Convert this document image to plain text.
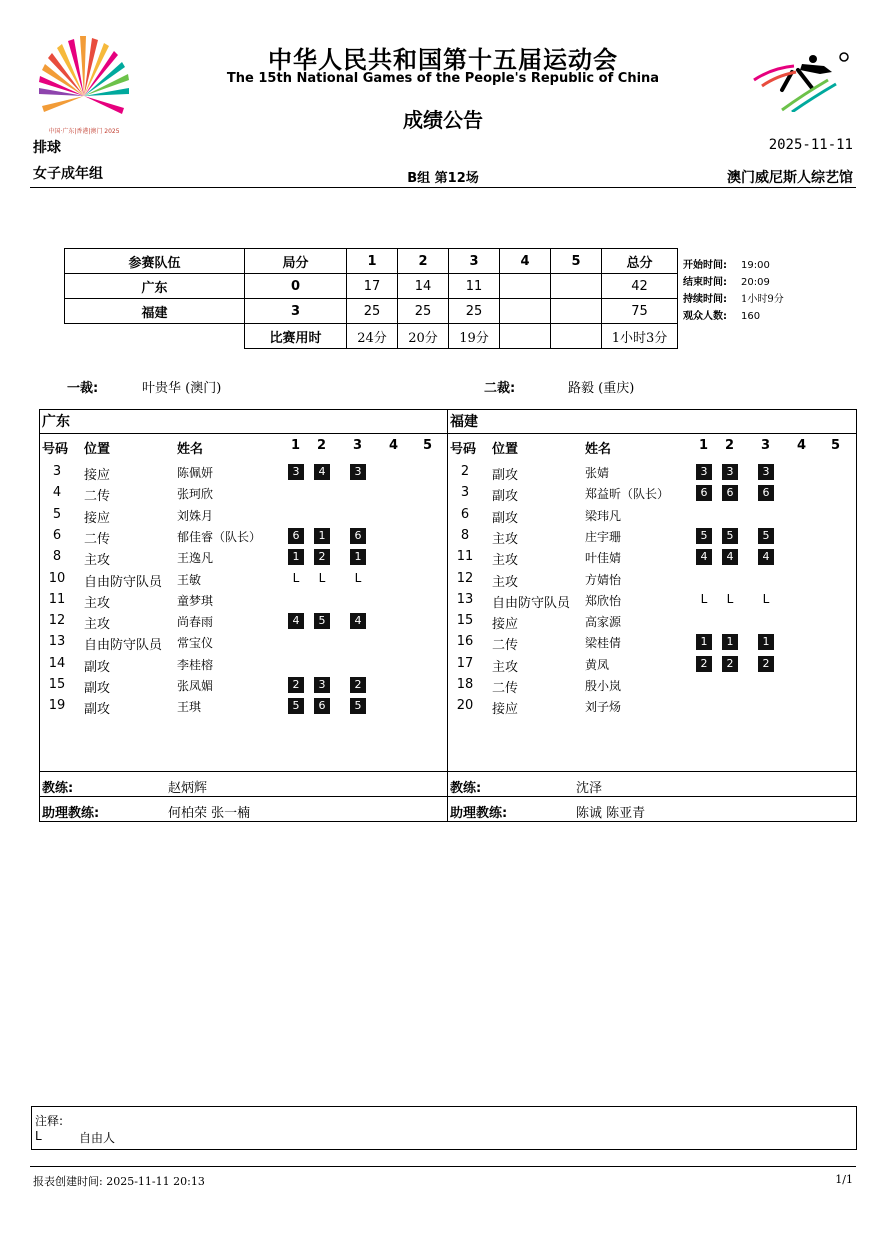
中国·广东|香港|澳门 2025
中华人民共和国第十五届运动会
The 15th National Games of the People's Republic of China
成绩公告
排球	2025-11-11
女子成年组	B组 第12场	澳门威尼斯人综艺馆
参赛队伍	局分	1	2	3	4	5	总分
广东	0	17	14	11			42
福建	3	25	25	25			75
	比赛用时	24分	20分	19分			1小时3分
开始时间: 19:00
结束时间: 20:09
持续时间: 1小时9分
观众人数: 160
一裁:	叶贵华 (澳门)	二裁:	路毅 (重庆)
广东
号码 位置	姓名	1 2 3 4 5
3	接应	陈佩妍	3	4	3
4	二传	张珂欣
5	接应	刘姝月
6	二传	郁佳睿（队长）	6	1	6
8	主攻	王逸凡	1	2	1
10	自由防守队员 王敏	L	L	L
11	主攻	童梦琪
12	主攻	尚春雨	4	5	4
13	自由防守队员 常宝仪
14	副攻	李桂榕
15	副攻	张凤媚	2	3	2
19	副攻	王琪	5	6	5
教练:	赵炳辉
助理教练:	何柏荣 张一楠
福建
号码 位置	姓名	1 2 3 4 5
2	副攻	张婧	3	3	3
3	副攻	郑益昕（队长）	6	6	6
6	副攻	梁玮凡
8	主攻	庄宇珊	5	5	5
11	主攻	叶佳婧	4	4	4
12	主攻	方婧怡
13	自由防守队员 郑欣怡	L	L	L
15	接应	高家源
16	二传	梁桂倩	1	1	1
17	主攻	黄凤	2	2	2
18	二传	殷小岚
20	接应	刘子炀
教练:	沈泽
助理教练:	陈诚 陈亚青
注释:
L	自由人
报表创建时间: 2025-11-11 20:13	1/1
